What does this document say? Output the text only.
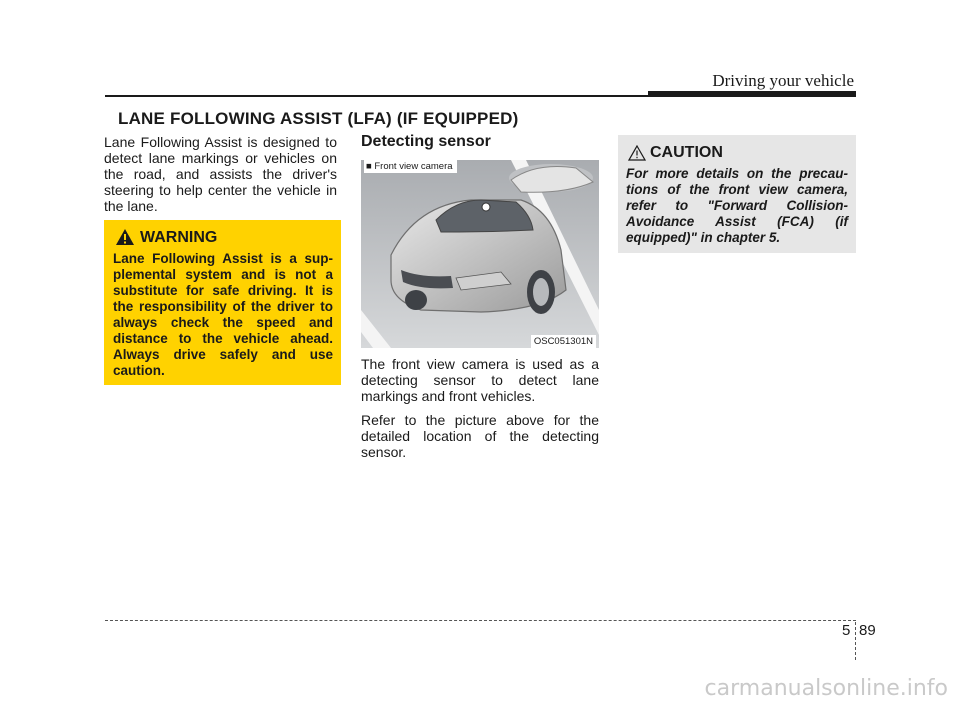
Driving your vehicle
LANE FOLLOWING ASSIST (LFA) (IF EQUIPPED)

Lane Following Assist is designed to detect lane markings or vehicles on the road, and assists the driver's steering to help center the vehicle in the lane.

WARNING
Lane Following Assist is a sup-plemental system and is not a substitute for safe driving. It is the responsibility of the driver to always check the speed and distance to the vehicle ahead. Always drive safely and use caution.
Detecting sensor
■ Front view camera
OSC051301N

The front view camera is used as a detecting sensor to detect lane markings and front vehicles.

Refer to the picture above for the detailed location of the detecting sensor.

CAUTION
For more details on the precau-tions of the front view camera, refer to "Forward Collision-Avoidance Assist (FCA) (if equipped)" in chapter 5.
5 89
carmanualsonline.info
